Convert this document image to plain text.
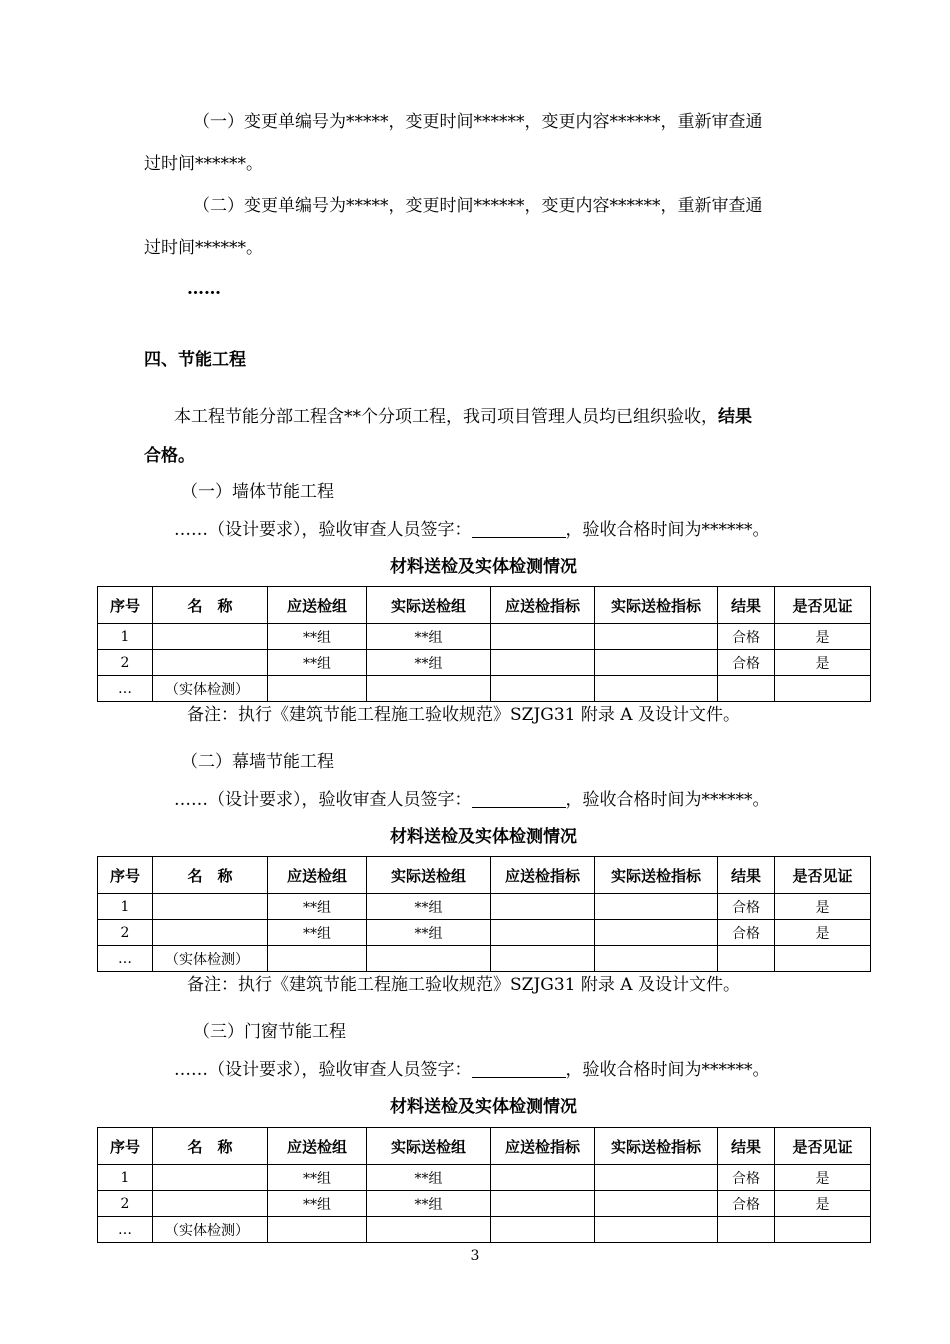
（一）变更单编号为*****，变更时间******，变更内容******，重新审查通
过时间******。
（二）变更单编号为*****，变更时间******，变更内容******，重新审查通
过时间******。
……
四、节能工程
本工程节能分部工程含**个分项工程，我司项目管理人员均已组织验收，结果
合格。
（一）墙体节能工程
……（设计要求），验收审查人员签字：	，验收合格时间为******。
材料送检及实体检测情况
序号	名　称	应送检组	实际送检组	应送检指标	实际送检指标	结果	是否见证
1		**组	**组			合格	是
2		**组	**组			合格	是
…	（实体检测）						
备注：执行《建筑节能工程施工验收规范》SZJG31 附录 A 及设计文件。
（二）幕墙节能工程
……（设计要求），验收审查人员签字：	，验收合格时间为******。
材料送检及实体检测情况
序号	名　称	应送检组	实际送检组	应送检指标	实际送检指标	结果	是否见证
1		**组	**组			合格	是
2		**组	**组			合格	是
…	（实体检测）						
备注：执行《建筑节能工程施工验收规范》SZJG31 附录 A 及设计文件。
（三）门窗节能工程
……（设计要求），验收审查人员签字：	，验收合格时间为******。
材料送检及实体检测情况
序号	名　称	应送检组	实际送检组	应送检指标	实际送检指标	结果	是否见证
1		**组	**组			合格	是
2		**组	**组			合格	是
…	（实体检测）						
3
